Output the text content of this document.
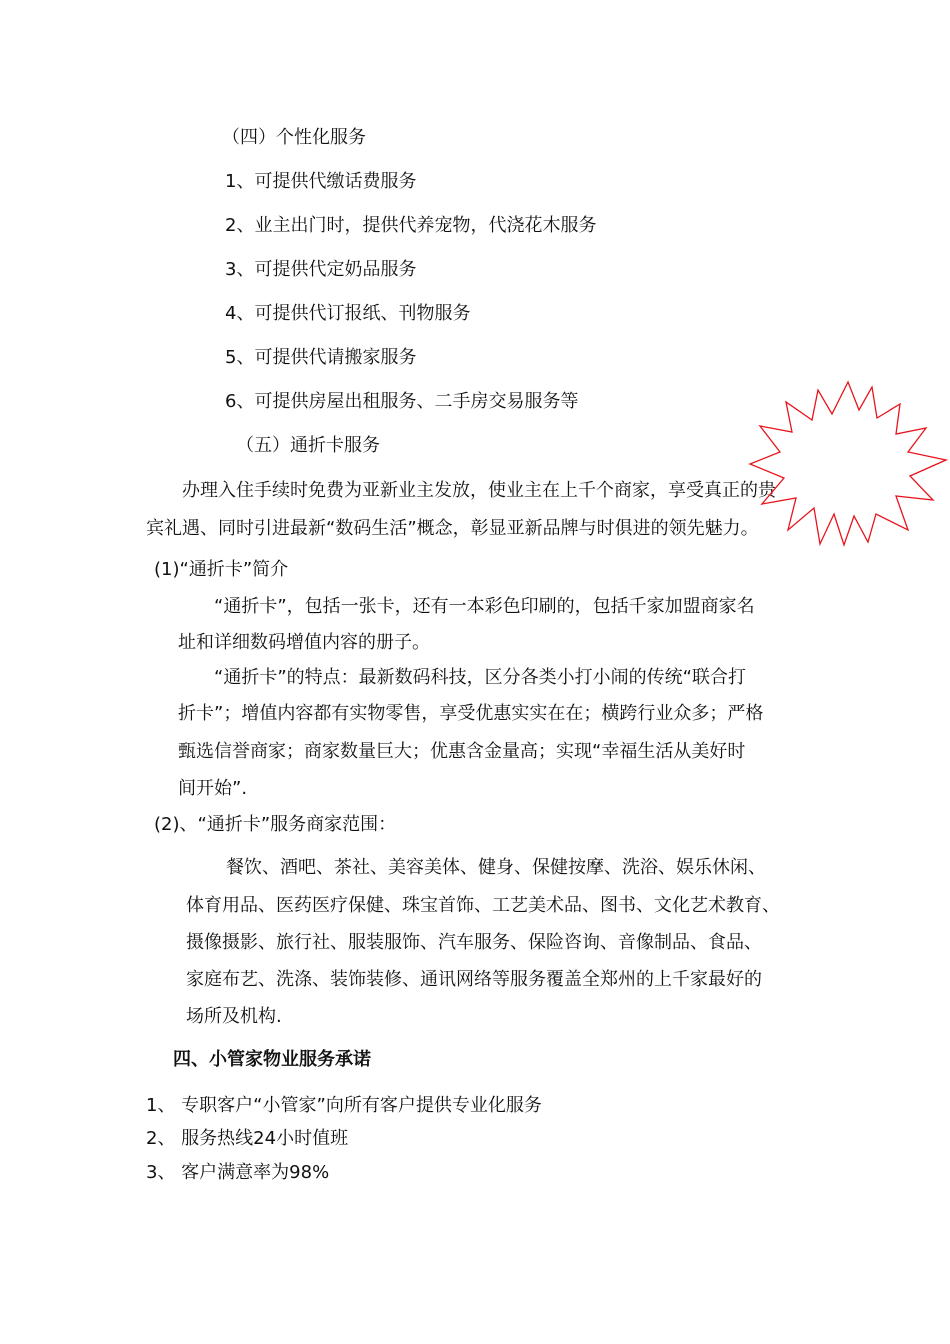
（四）个性化服务
1、可提供代缴话费服务
2、业主出门时，提供代养宠物，代浇花木服务
3、可提供代定奶品服务
4、可提供代订报纸、刊物服务
5、可提供代请搬家服务
6、可提供房屋出租服务、二手房交易服务等
（五）通折卡服务
办理入住手续时免费为亚新业主发放，使业主在上千个商家，享受真正的贵
宾礼遇、同时引进最新“数码生活”概念，彰显亚新品牌与时俱进的领先魅力。
(1)“通折卡”简介
“通折卡”，包括一张卡，还有一本彩色印刷的，包括千家加盟商家名
址和详细数码增值内容的册子。
“通折卡”的特点：最新数码科技，区分各类小打小闹的传统“联合打
折卡”；增值内容都有实物零售，享受优惠实实在在；横跨行业众多；严格
甄选信誉商家；商家数量巨大；优惠含金量高；实现“幸福生活从美好时
间开始”.
(2)、“通折卡”服务商家范围：
餐饮、酒吧、茶社、美容美体、健身、保健按摩、洗浴、娱乐休闲、
体育用品、医药医疗保健、珠宝首饰、工艺美术品、图书、文化艺术教育、
摄像摄影、旅行社、服装服饰、汽车服务、保险咨询、音像制品、食品、
家庭布艺、洗涤、装饰装修、通讯网络等服务覆盖全郑州的上千家最好的
场所及机构.
四、小管家物业服务承诺
1、 专职客户“小管家”向所有客户提供专业化服务
2、 服务热线24小时值班
3、 客户满意率为98%
